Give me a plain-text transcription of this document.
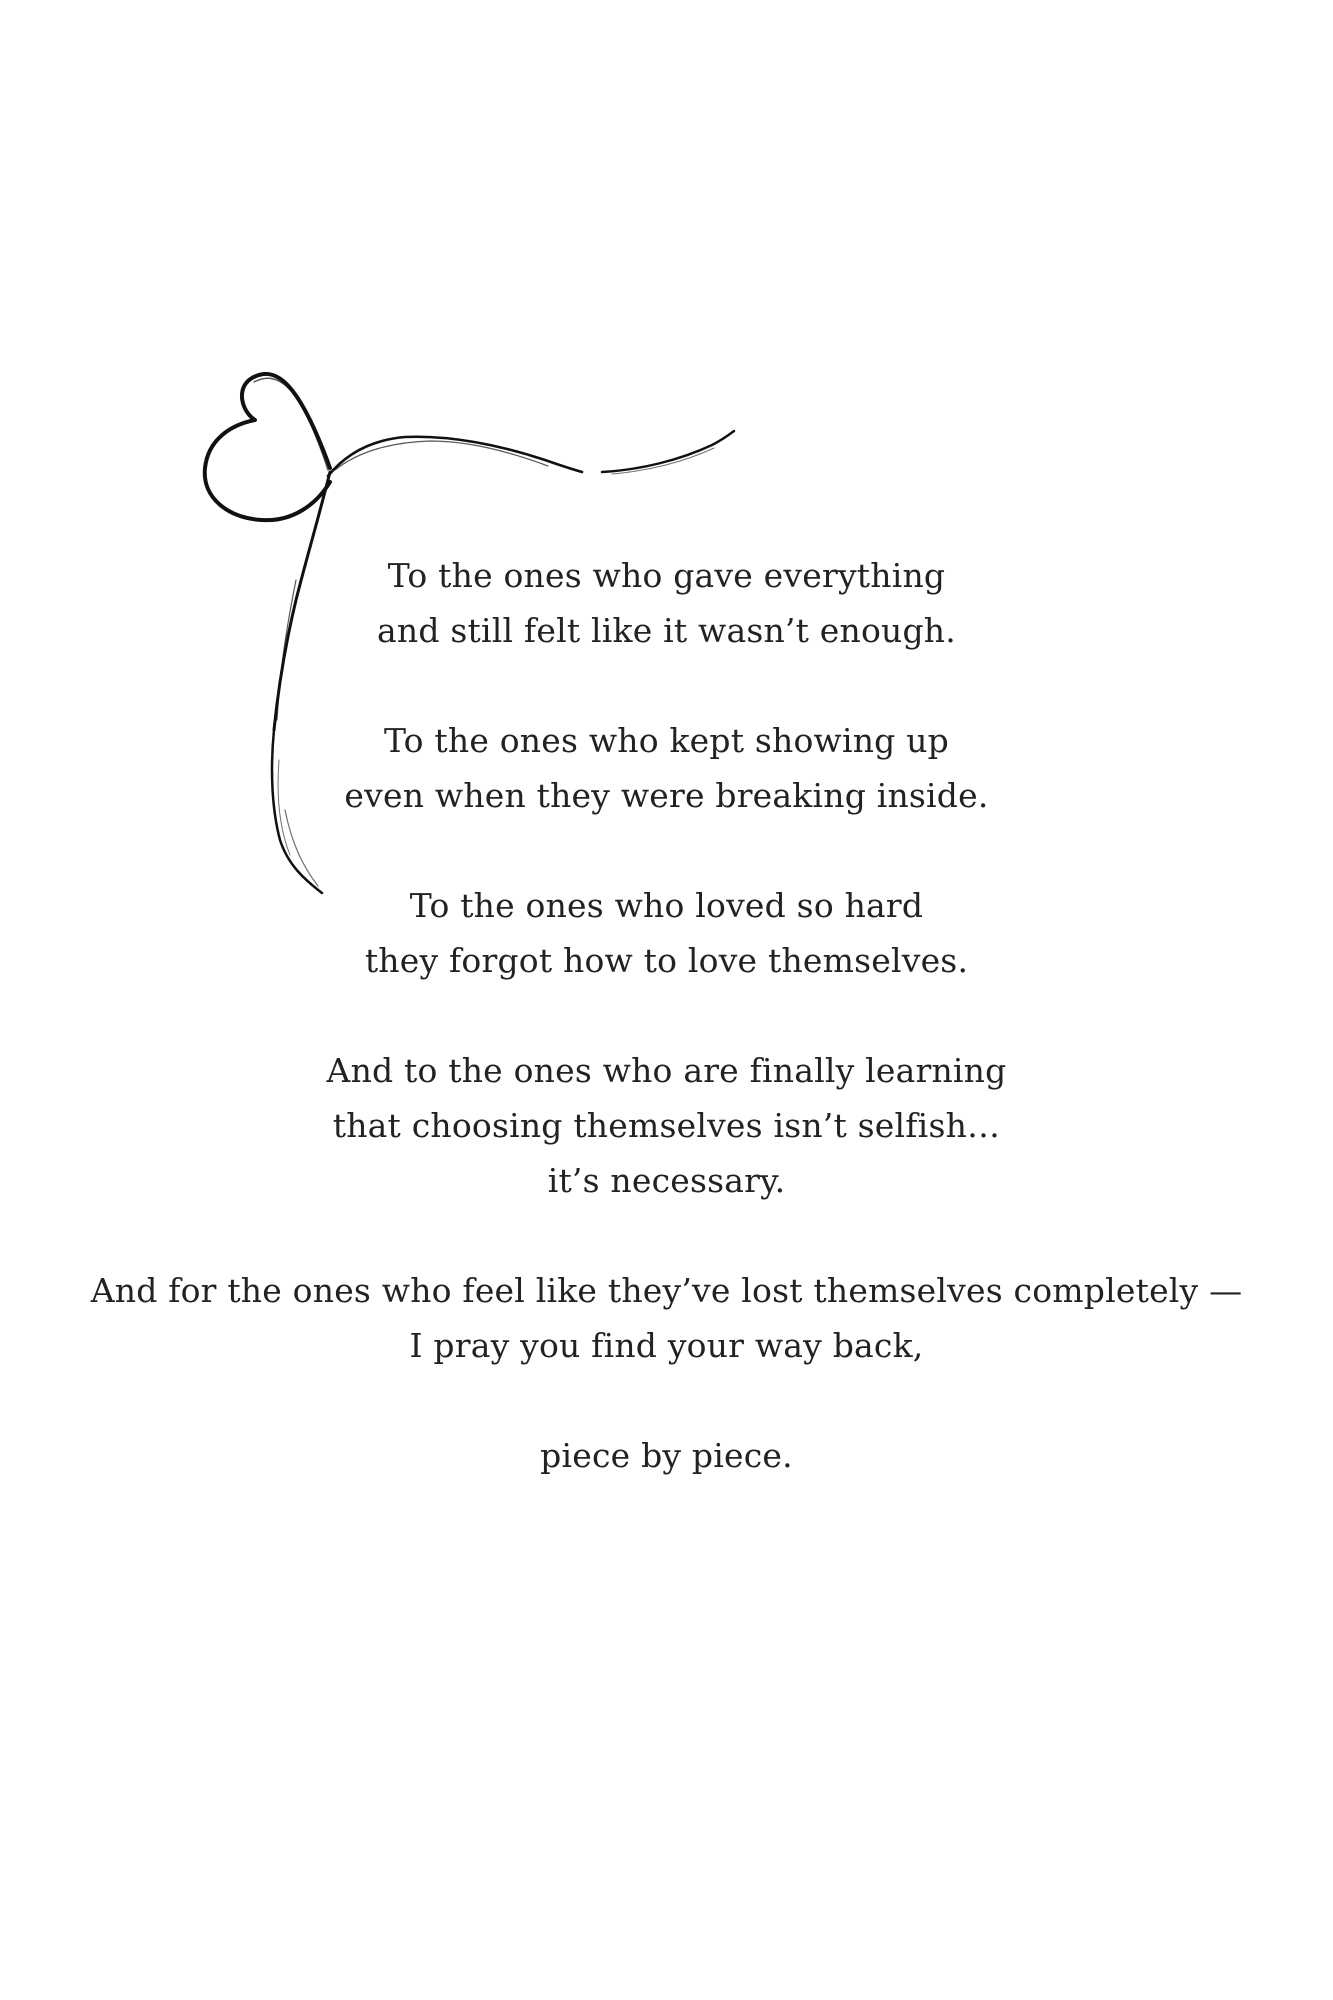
To the ones who gave everything
and still felt like it wasn’t enough.
To the ones who kept showing up
even when they were breaking inside.
To the ones who loved so hard
they forgot how to love themselves.
And to the ones who are finally learning
that choosing themselves isn’t selfish…
it’s necessary.
And for the ones who feel like they’ve lost themselves completely —
I pray you find your way back,
piece by piece.
